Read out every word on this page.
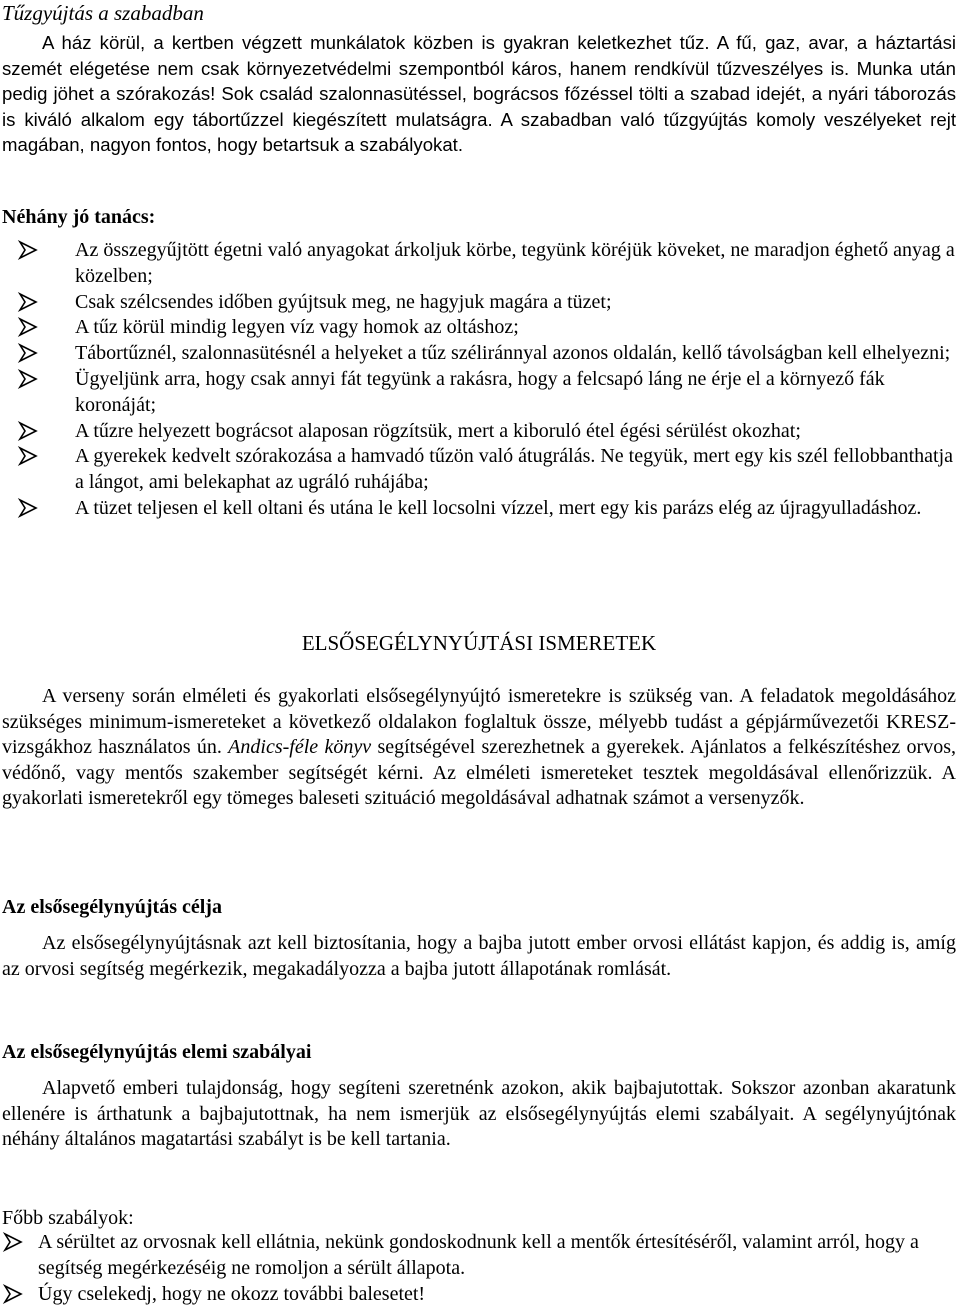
Tűzgyújtás a szabadban

A ház körül, a kertben végzett munkálatok közben is gyakran keletkezhet tűz. A fű, gaz, avar, a háztartási szemét elégetése nem csak környezetvédelmi szempontból káros, hanem rendkívül tűzveszélyes is. Munka után pedig jöhet a szórakozás! Sok család szalonnasütéssel, bográcsos főzéssel tölti a szabad idejét, a nyári táborozás is kiváló alkalom egy tábortűzzel kiegészített mulatságra. A szabadban való tűzgyújtás komoly veszélyeket rejt magában, nagyon fontos, hogy betartsuk a szabályokat.

Néhány jó tanács:
Az összegyűjtött égetni való anyagokat árkoljuk körbe, tegyünk köréjük köveket, ne maradjon éghető anyag a közelben;
Csak szélcsendes időben gyújtsuk meg, ne hagyjuk magára a tüzet;
A tűz körül mindig legyen víz vagy homok az oltáshoz;
Tábortűznél, szalonnasütésnél a helyeket a tűz széliránnyal azonos oldalán, kellő távolságban kell elhelyezni;
Ügyeljünk arra, hogy csak annyi fát tegyünk a rakásra, hogy a felcsapó láng ne érje el a környező fák koronáját;
A tűzre helyezett bográcsot alaposan rögzítsük, mert a kiboruló étel égési sérülést okozhat;
A gyerekek kedvelt szórakozása a hamvadó tűzön való átugrálás. Ne tegyük, mert egy kis szél fellobbanthatja a lángot, ami belekaphat az ugráló ruhájába;
A tüzet teljesen el kell oltani és utána le kell locsolni vízzel, mert egy kis parázs elég az újragyulladáshoz.
ELSŐSEGÉLYNYÚJTÁSI ISMERETEK

A verseny során elméleti és gyakorlati elsősegélynyújtó ismeretekre is szükség van. A feladatok megoldásához szükséges minimum-ismereteket a következő oldalakon foglaltuk össze, mélyebb tudást a gépjárművezetői KRESZ-vizsgákhoz használatos ún. Andics-féle könyv segítségével szerezhetnek a gyerekek. Ajánlatos a felkészítéshez orvos, védőnő, vagy mentős szakember segítségét kérni. Az elméleti ismereteket tesztek megoldásával ellenőrizzük. A gyakorlati ismeretekről egy tömeges baleseti szituáció megoldásával adhatnak számot a versenyzők.

Az elsősegélynyújtás célja

Az elsősegélynyújtásnak azt kell biztosítania, hogy a bajba jutott ember orvosi ellátást kapjon, és addig is, amíg az orvosi segítség megérkezik, megakadályozza a bajba jutott állapotának romlását.

Az elsősegélynyújtás elemi szabályai

Alapvető emberi tulajdonság, hogy segíteni szeretnénk azokon, akik bajbajutottak. Sokszor azonban akaratunk ellenére is árthatunk a bajbajutottnak, ha nem ismerjük az elsősegélynyújtás elemi szabályait. A segélynyújtónak néhány általános magatartási szabályt is be kell tartania.

Főbb szabályok:
A sérültet az orvosnak kell ellátnia, nekünk gondoskodnunk kell a mentők értesítéséről, valamint arról, hogy a segítség megérkezéséig ne romoljon a sérült állapota.
Úgy cselekedj, hogy ne okozz további balesetet!
